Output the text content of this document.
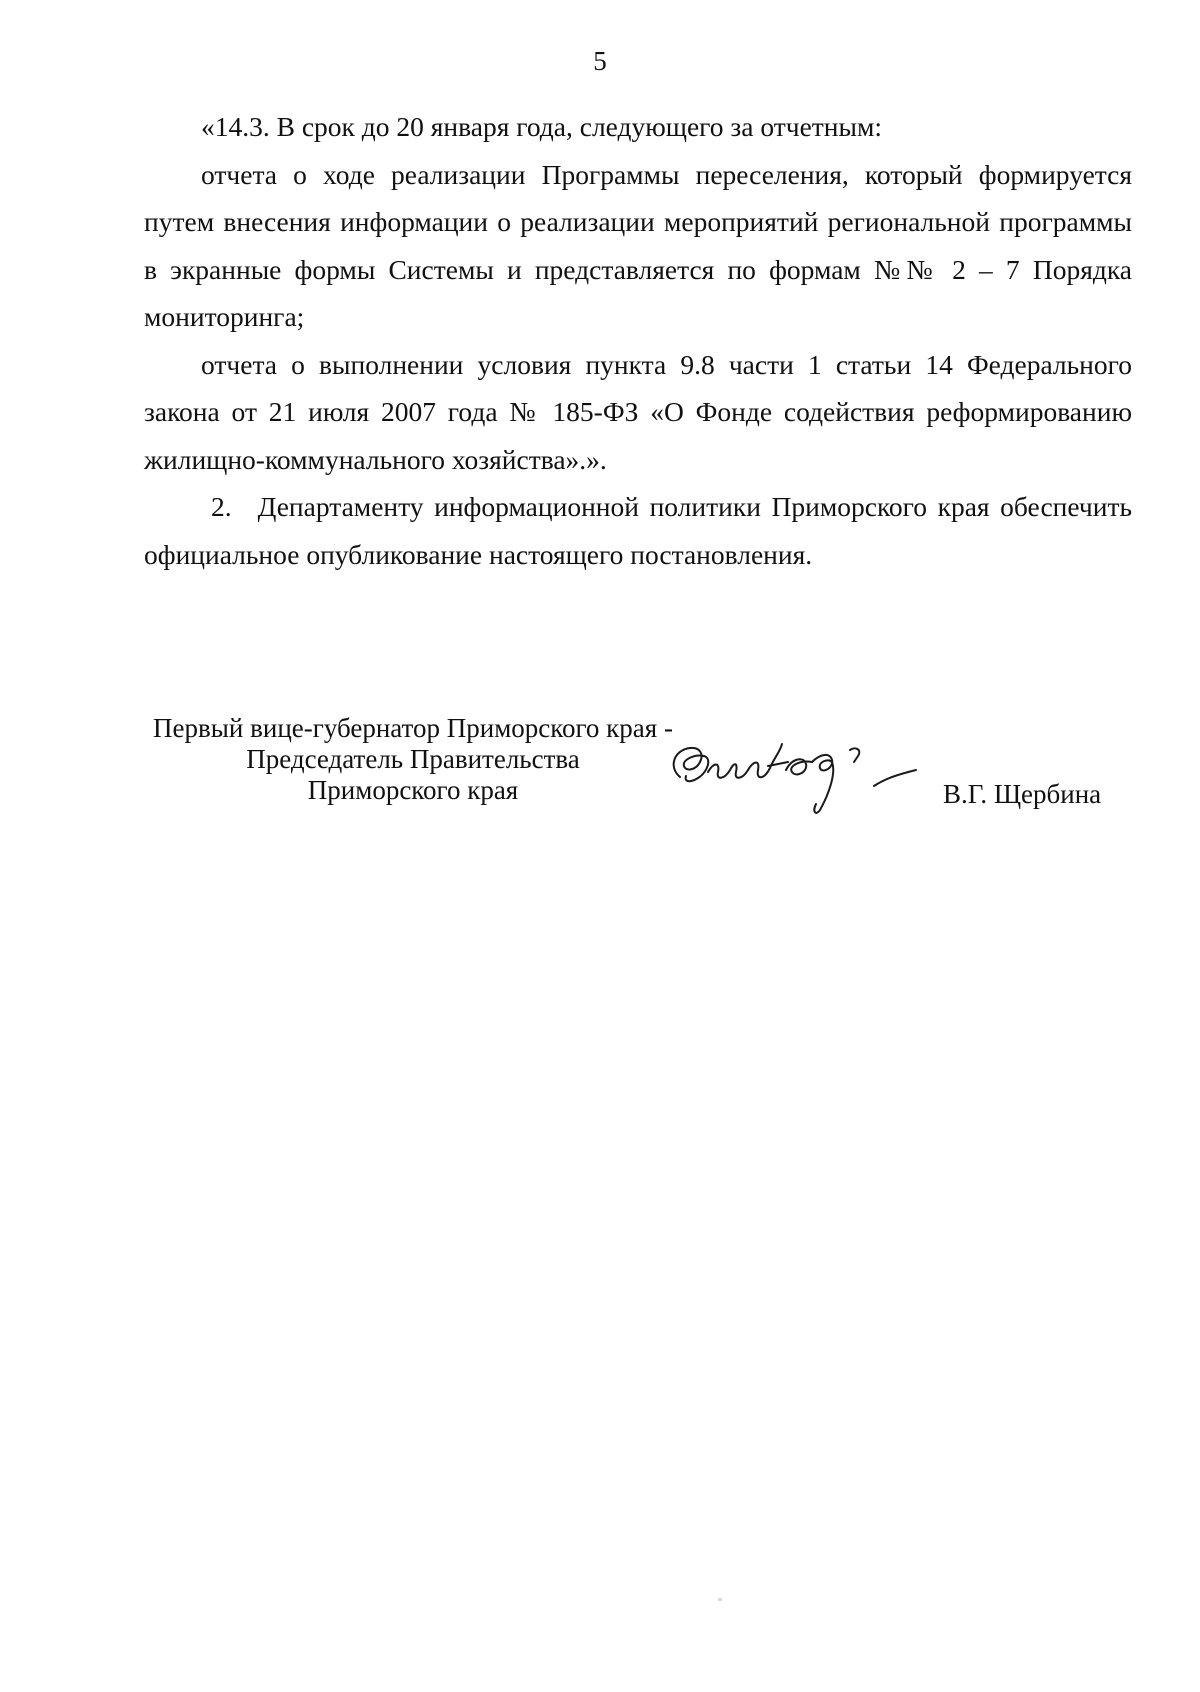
5

«14.3. В срок до 20 января года, следующего за отчетным:

отчета о ходе реализации Программы переселения, который формируется путем внесения информации о реализации мероприятий региональной программы в экранные формы Системы и представляется по формам №№ 2 – 7 Порядка мониторинга;

отчета о выполнении условия пункта 9.8 части 1 статьи 14 Федерального закона от 21 июля 2007 года № 185-ФЗ «О Фонде содействия реформированию жилищно-коммунального хозяйства».».

2. Департаменту информационной политики Приморского края обеспечить официальное опубликование настоящего постановления.

Первый вице-губернатор Приморского края -
Председатель Правительства
Приморского края	В.Г. Щербина
